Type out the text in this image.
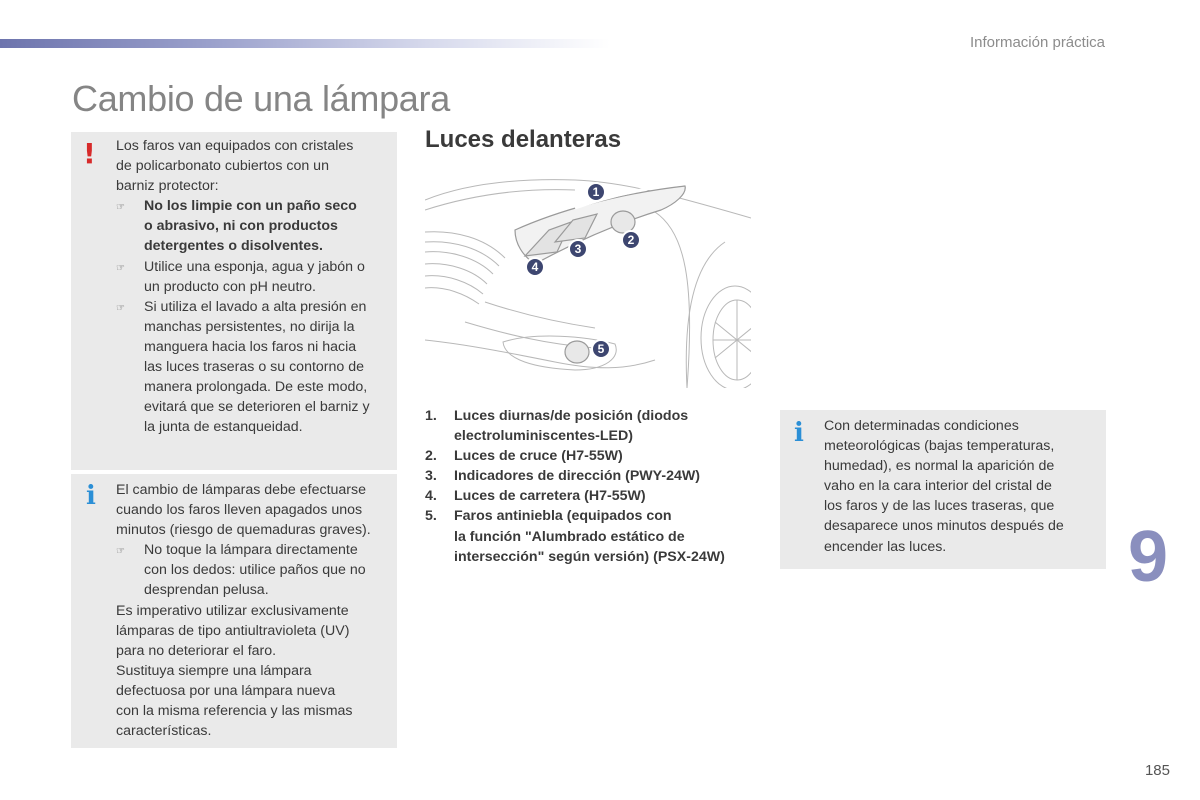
Información práctica
Cambio de una lámpara
! Los faros van equipados con cristales
de policarbonato cubiertos con un
barniz protector:
☞	No los limpie con un paño seco
o abrasivo, ni con productos
detergentes o disolventes.
☞	Utilice una esponja, agua y jabón o
un producto con pH neutro.
☞	Si utiliza el lavado a alta presión en
manchas persistentes, no dirija la
manguera hacia los faros ni hacia
las luces traseras o su contorno de
manera prolongada. De este modo,
evitará que se deterioren el barniz y
la junta de estanqueidad.
i El cambio de lámparas debe efectuarse
cuando los faros lleven apagados unos
minutos (riesgo de quemaduras graves).
☞	No toque la lámpara directamente
con los dedos: utilice paños que no
desprendan pelusa.
Es imperativo utilizar exclusivamente
lámparas de tipo antiultravioleta (UV)
para no deteriorar el faro.
Sustituya siempre una lámpara
defectuosa por una lámpara nueva
con la misma referencia y las mismas
características.
Luces delanteras
1
2
3
4
5
1.	Luces diurnas/de posición (diodos
electroluminiscentes-LED)
2.	Luces de cruce (H7-55W)
3.	Indicadores de dirección (PWY-24W)
4.	Luces de carretera (H7-55W)
5.	Faros antiniebla (equipados con
la función "Alumbrado estático de
intersección" según versión) (PSX-24W)
i Con determinadas condiciones
meteorológicas (bajas temperaturas,
humedad), es normal la aparición de
vaho en la cara interior del cristal de
los faros y de las luces traseras, que
desaparece unos minutos después de
encender las luces.	9
185
